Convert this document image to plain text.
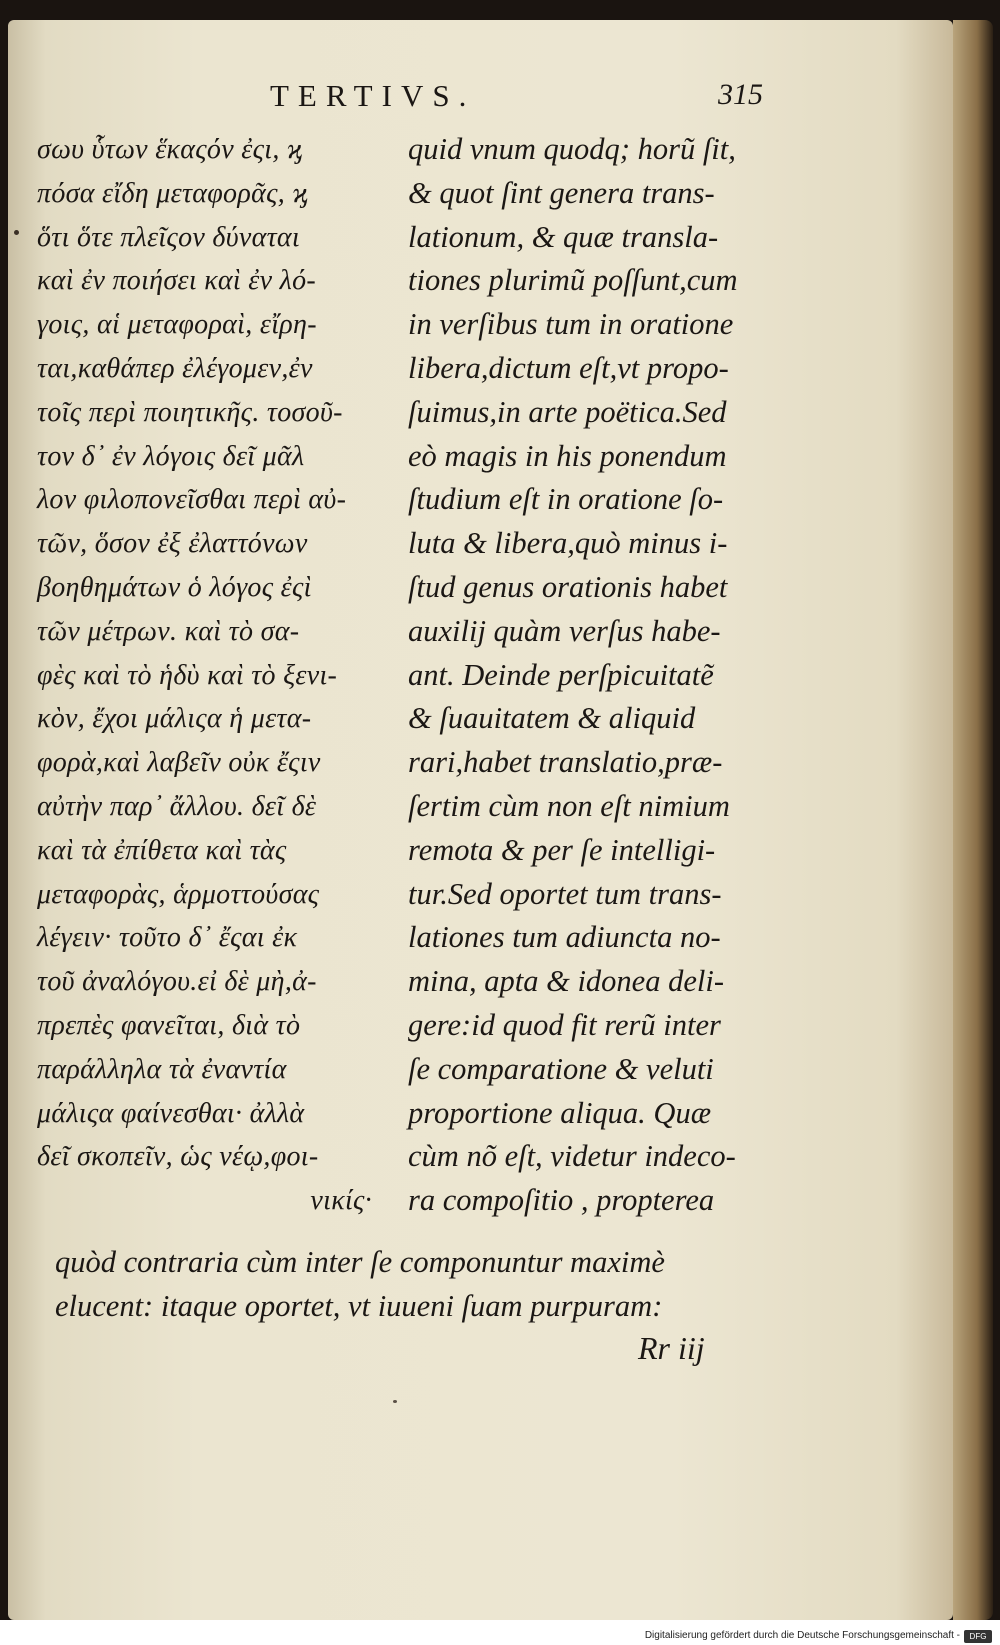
TERTIVS.	315
σωυ ὗτων ἕκαςόν ἐςι, ϗ
πόσα εἴδη μεταφορᾶς, ϗ
ὅτι ὅτε πλεῖςον δύναται
καὶ ἐν ποιήσει καὶ ἐν λό-
γοις, αἱ μεταφοραὶ, εἴρη-
ται,καθάπερ ἐλέγομεν,ἐν
τοῖς περὶ ποιητικῆς. τοσοῦ-
τον δ᾽ ἐν λόγοις δεῖ μᾶλ
λον φιλοπονεῖσθαι περὶ αὐ-
τῶν, ὅσον ἐξ ἐλαττόνων
βοηθημάτων ὁ λόγος ἐςὶ
τῶν μέτρων. καὶ τὸ σα-
φὲς καὶ τὸ ἡδὺ καὶ τὸ ξενι-
κὸν, ἔχοι μάλιςα ἡ μετα-
φορὰ,καὶ λαβεῖν οὐκ ἔςιν
αὐτὴν παρ᾽ ἄλλου. δεῖ δὲ
καὶ τὰ ἐπίθετα καὶ τὰς
μεταφορὰς, ἁρμοττούσας
λέγειν· τοῦτο δ᾽ ἔςαι ἐκ
τοῦ ἀναλόγου.εἰ δὲ μὴ,ἀ-
πρεπὲς φανεῖται, διὰ τὸ
παράλληλα τὰ ἐναντία
μάλιςα φαίνεσθαι· ἀλλὰ
δεῖ σκοπεῖν, ὡς νέῳ,φοι-
νικίς·
quid vnum quodq; horũ ſit,
& quot ſint genera trans-
lationum, & quæ transla-
tiones plurimũ poſſunt,cum
in verſibus tum in oratione
libera,dictum eſt,vt propo-
ſuimus,in arte poëtica.Sed
eò magis in his ponendum
ſtudium eſt in oratione ſo-
luta & libera,quò minus i-
ſtud genus orationis habet
auxilij quàm verſus habe-
ant. Deinde perſpicuitatẽ
& ſuauitatem & aliquid
rari,habet translatio,præ-
ſertim cùm non eſt nimium
remota & per ſe intelligi-
tur.Sed oportet tum trans-
lationes tum adiuncta no-
mina, apta & idonea deli-
gere:id quod fit rerũ inter
ſe comparatione & veluti
proportione aliqua. Quæ
cùm nõ eſt, videtur indeco-
ra compoſitio , propterea
quòd contraria cùm inter ſe componuntur maximè
elucent: itaque oportet, vt iuueni ſuam purpuram:
Rr iij
Digitalisierung gefördert durch die Deutsche Forschungsgemeinschaft -	DFG
